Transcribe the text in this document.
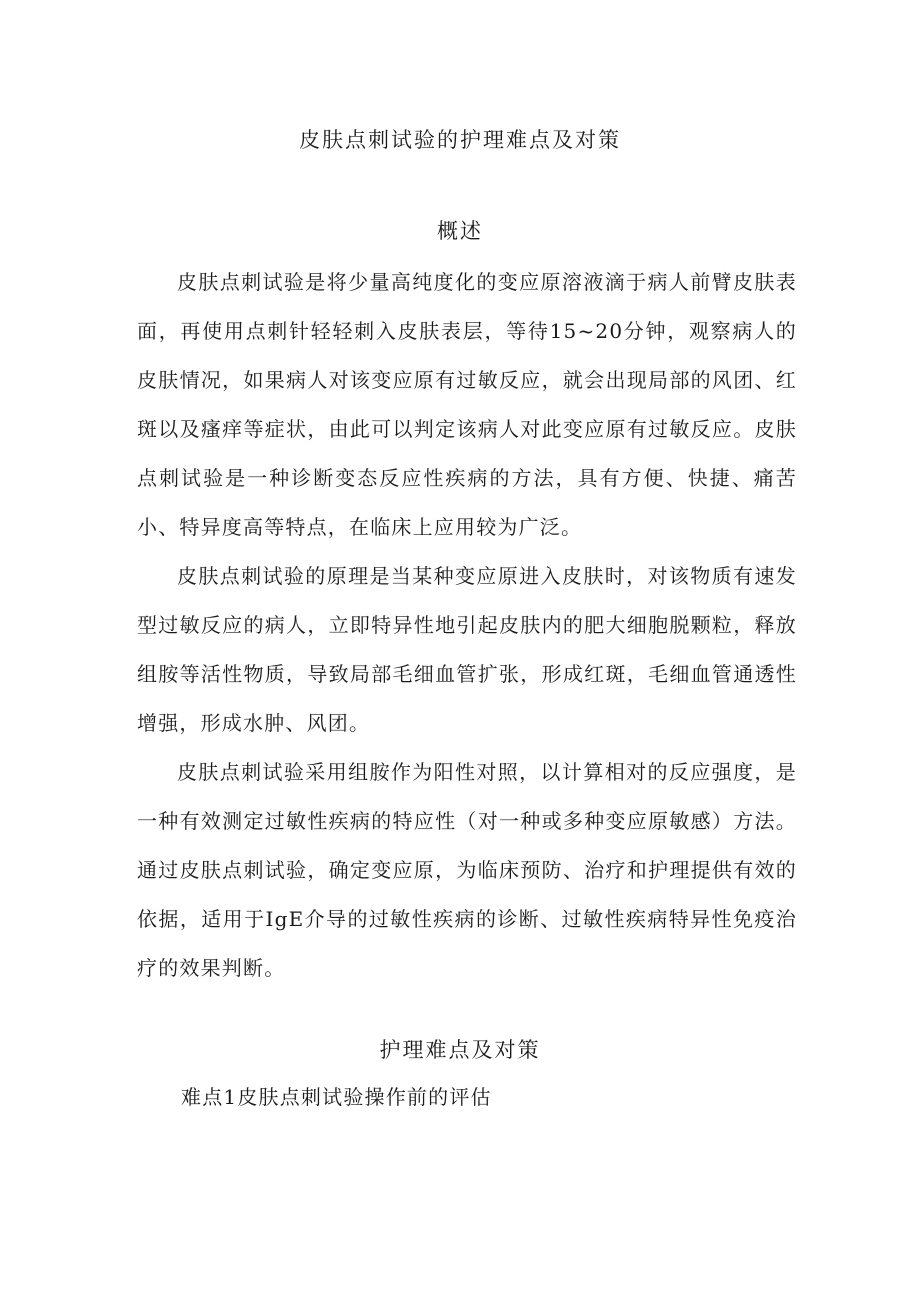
皮肤点刺试验的护理难点及对策
概述

皮肤点刺试验是将少量高纯度化的变应原溶液滴于病人前臂皮肤表面，再使用点刺针轻轻刺入皮肤表层，等待15~20分钟，观察病人的皮肤情况，如果病人对该变应原有过敏反应，就会出现局部的风团、红斑以及瘙痒等症状，由此可以判定该病人对此变应原有过敏反应。皮肤点刺试验是一种诊断变态反应性疾病的方法，具有方便、快捷、痛苦小、特异度高等特点，在临床上应用较为广泛。

皮肤点刺试验的原理是当某种变应原进入皮肤时，对该物质有速发型过敏反应的病人，立即特异性地引起皮肤内的肥大细胞脱颗粒，释放组胺等活性物质，导致局部毛细血管扩张，形成红斑，毛细血管通透性增强，形成水肿、风团。

皮肤点刺试验采用组胺作为阳性对照，以计算相对的反应强度，是一种有效测定过敏性疾病的特应性（对一种或多种变应原敏感）方法。通过皮肤点刺试验，确定变应原，为临床预防、治疗和护理提供有效的依据，适用于IgE介导的过敏性疾病的诊断、过敏性疾病特异性免疫治疗的效果判断。

护理难点及对策
难点1皮肤点刺试验操作前的评估
